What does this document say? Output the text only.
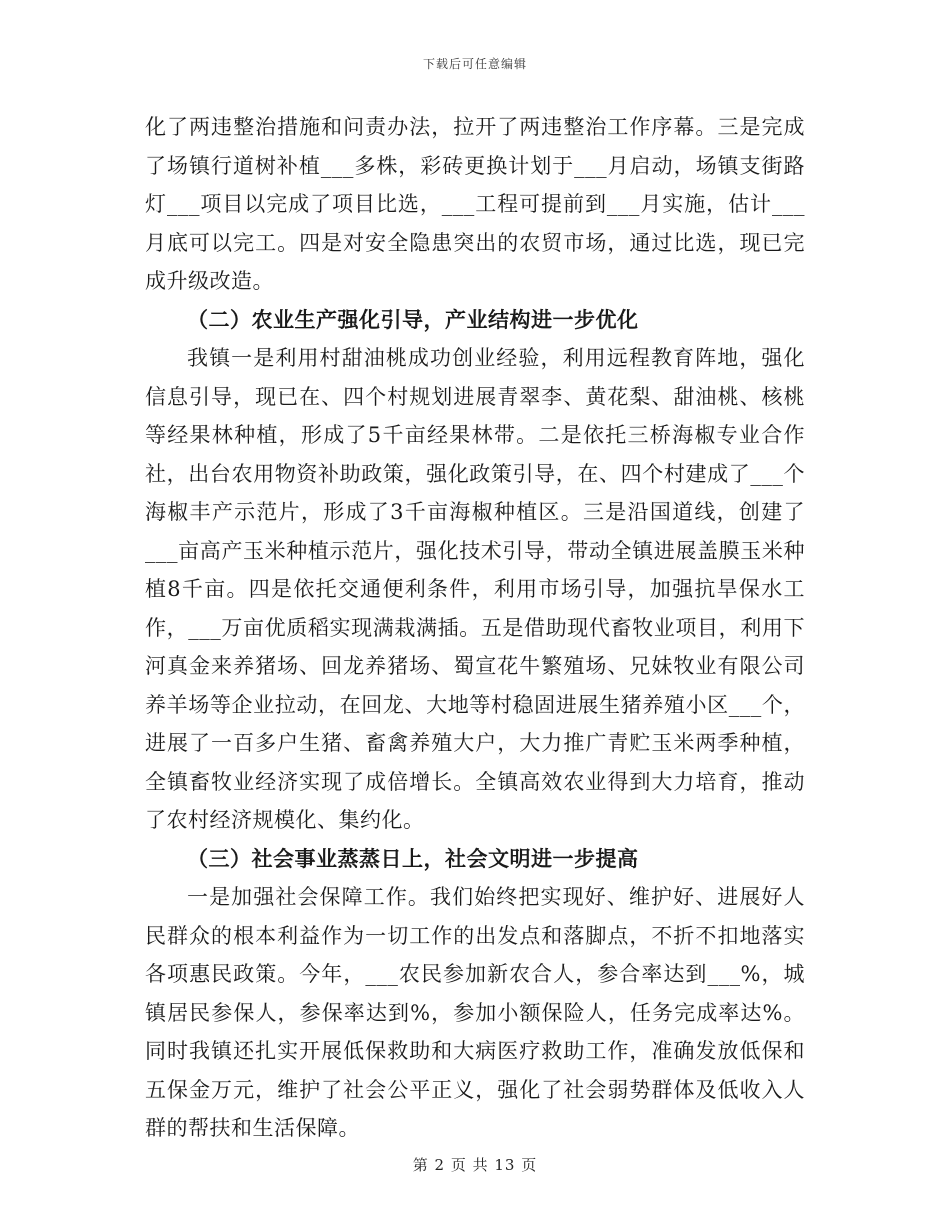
下载后可任意编辑

化了两违整治措施和问责办法，拉开了两违整治工作序幕。三是完成了场镇行道树补植___多株，彩砖更换计划于___月启动，场镇支街路灯___项目以完成了项目比选，___工程可提前到___月实施，估计___月底可以完工。四是对安全隐患突出的农贸市场，通过比选，现已完成升级改造。

（二）农业生产强化引导，产业结构进一步优化

我镇一是利用村甜油桃成功创业经验，利用远程教育阵地，强化信息引导，现已在、四个村规划进展青翠李、黄花梨、甜油桃、核桃等经果林种植，形成了5千亩经果林带。二是依托三桥海椒专业合作社，出台农用物资补助政策，强化政策引导，在、四个村建成了___个海椒丰产示范片，形成了3千亩海椒种植区。三是沿国道线，创建了___亩高产玉米种植示范片，强化技术引导，带动全镇进展盖膜玉米种植8千亩。四是依托交通便利条件，利用市场引导，加强抗旱保水工作，___万亩优质稻实现满栽满插。五是借助现代畜牧业项目，利用下河真金来养猪场、回龙养猪场、蜀宣花牛繁殖场、兄妹牧业有限公司养羊场等企业拉动，在回龙、大地等村稳固进展生猪养殖小区___个，进展了一百多户生猪、畜禽养殖大户，大力推广青贮玉米两季种植，全镇畜牧业经济实现了成倍增长。全镇高效农业得到大力培育，推动了农村经济规模化、集约化。

（三）社会事业蒸蒸日上，社会文明进一步提高

一是加强社会保障工作。我们始终把实现好、维护好、进展好人民群众的根本利益作为一切工作的出发点和落脚点，不折不扣地落实各项惠民政策。今年，___农民参加新农合人，参合率达到___%，城镇居民参保人，参保率达到%，参加小额保险人，任务完成率达%。同时我镇还扎实开展低保救助和大病医疗救助工作，准确发放低保和五保金万元，维护了社会公平正义，强化了社会弱势群体及低收入人群的帮扶和生活保障。

第 2 页 共 13 页
